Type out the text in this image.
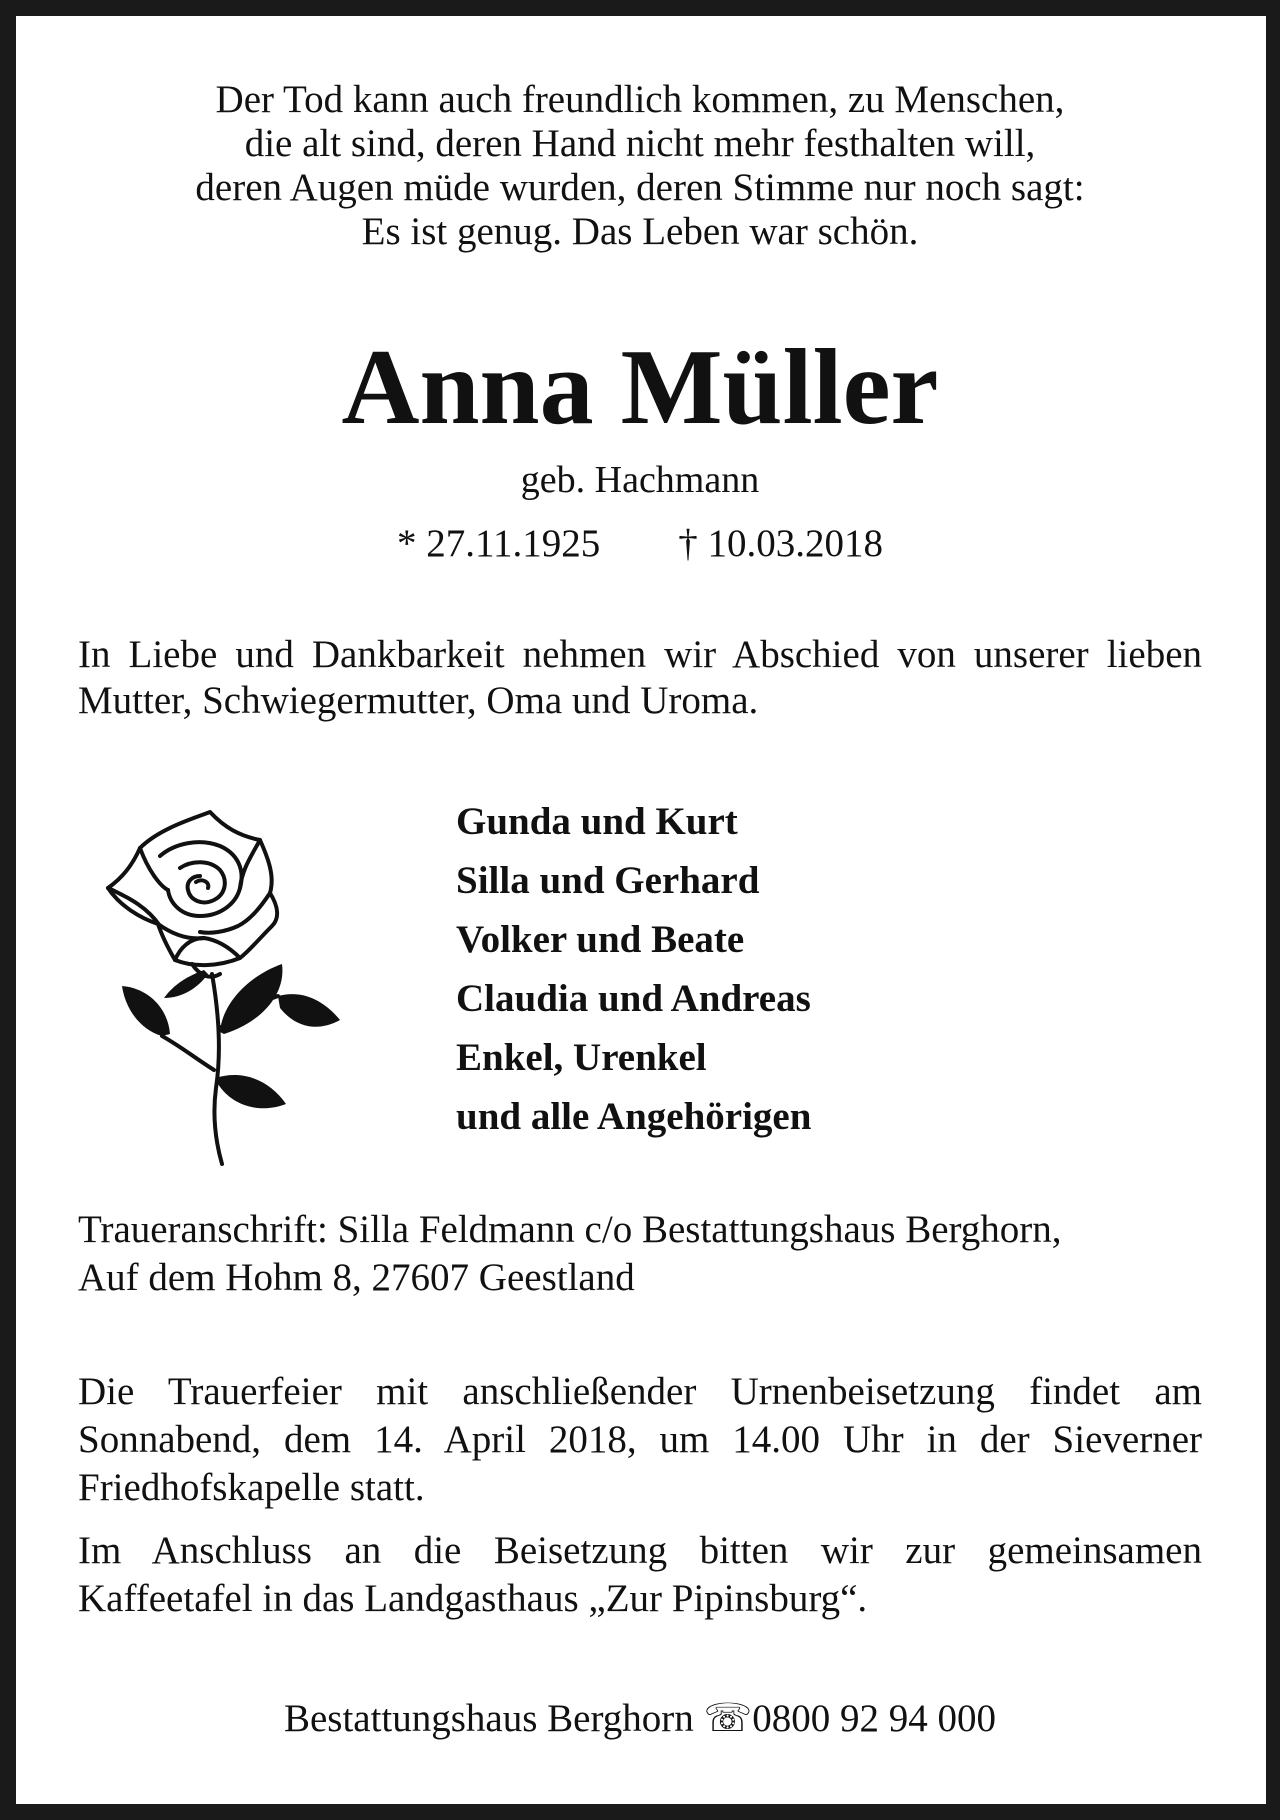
Der Tod kann auch freundlich kommen, zu Menschen,
die alt sind, deren Hand nicht mehr festhalten will,
deren Augen müde wurden, deren Stimme nur noch sagt:
Es ist genug. Das Leben war schön.
Anna Müller
geb. Hachmann
* 27.11.1925 † 10.03.2018
In Liebe und Dankbarkeit nehmen wir Abschied von unserer lieben Mutter, Schwiegermutter, Oma und Uroma.
Gunda und Kurt
Silla und Gerhard
Volker und Beate
Claudia und Andreas
Enkel, Urenkel
und alle Angehörigen
Traueranschrift: Silla Feldmann c/o Bestattungshaus Berghorn,
Auf dem Hohm 8, 27607 Geestland
Die Trauerfeier mit anschließender Urnenbeisetzung findet am Sonnabend, dem 14. April 2018, um 14.00 Uhr in der Sieverner Friedhofskapelle statt.
Im Anschluss an die Beisetzung bitten wir zur gemeinsamen Kaffeetafel in das Landgasthaus „Zur Pipinsburg“.
Bestattungshaus Berghorn ☏0800 92 94 000
